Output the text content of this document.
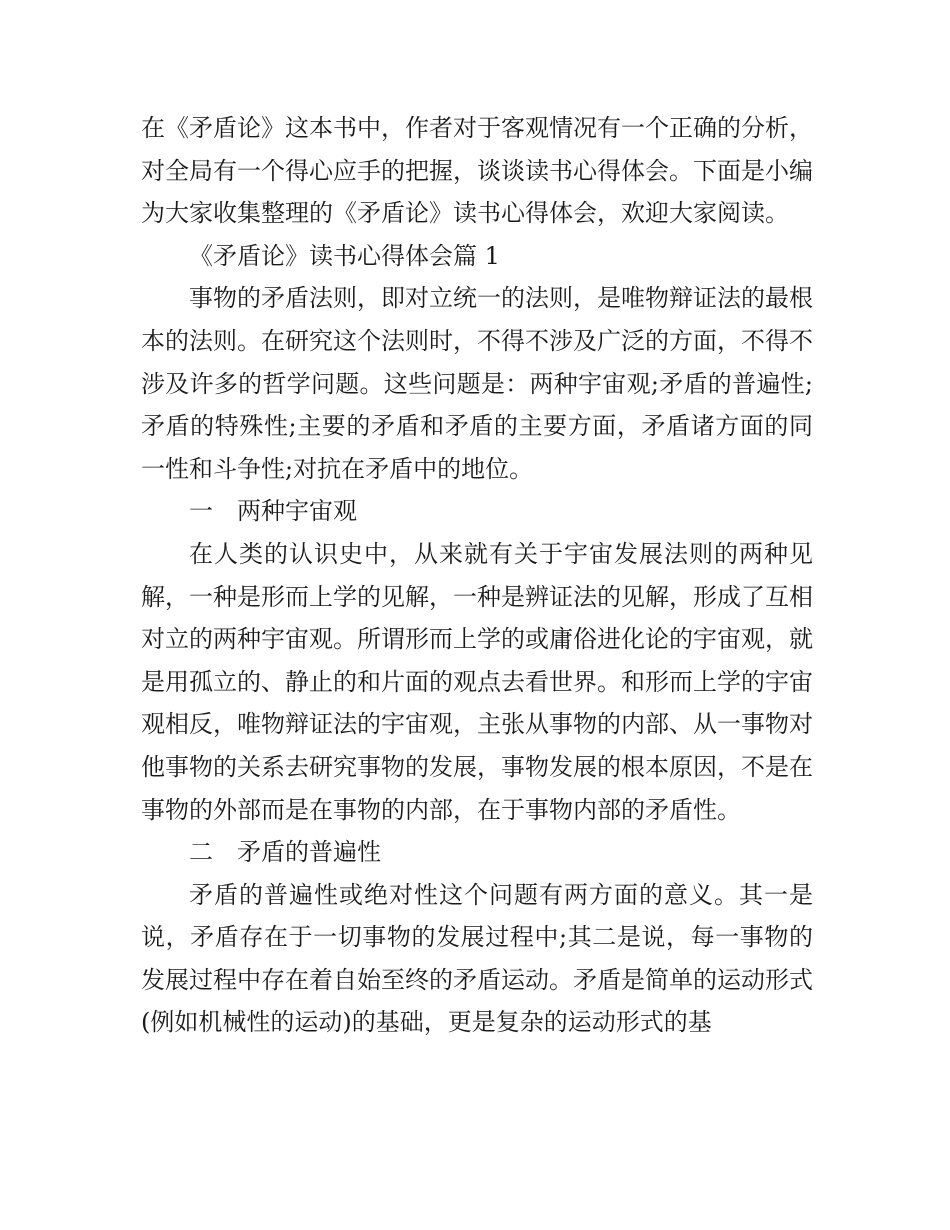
在《矛盾论》这本书中，作者对于客观情况有一个正确的分析，对全局有一个得心应手的把握，谈谈读书心得体会。下面是小编为大家收集整理的《矛盾论》读书心得体会，欢迎大家阅读。

《矛盾论》读书心得体会篇 1

事物的矛盾法则，即对立统一的法则，是唯物辩证法的最根本的法则。在研究这个法则时，不得不涉及广泛的方面，不得不涉及许多的哲学问题。这些问题是：两种宇宙观;矛盾的普遍性;矛盾的特殊性;主要的矛盾和矛盾的主要方面，矛盾诸方面的同一性和斗争性;对抗在矛盾中的地位。

一　两种宇宙观

在人类的认识史中，从来就有关于宇宙发展法则的两种见解，一种是形而上学的见解，一种是辨证法的见解，形成了互相对立的两种宇宙观。所谓形而上学的或庸俗进化论的宇宙观，就是用孤立的、静止的和片面的观点去看世界。和形而上学的宇宙观相反，唯物辩证法的宇宙观，主张从事物的内部、从一事物对他事物的关系去研究事物的发展，事物发展的根本原因，不是在事物的外部而是在事物的内部，在于事物内部的矛盾性。

二　矛盾的普遍性

矛盾的普遍性或绝对性这个问题有两方面的意义。其一是说，矛盾存在于一切事物的发展过程中;其二是说，每一事物的发展过程中存在着自始至终的矛盾运动。矛盾是简单的运动形式(例如机械性的运动)的基础，更是复杂的运动形式的基
